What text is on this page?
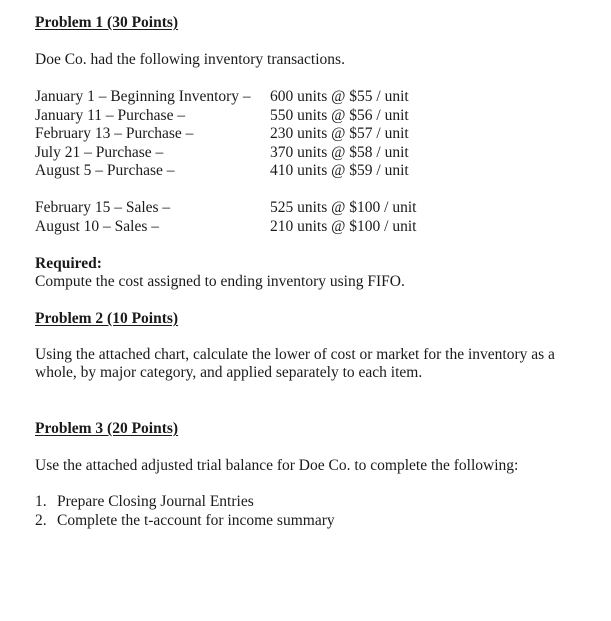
Problem 1 (30 Points)
Doe Co. had the following inventory transactions.
January 1 – Beginning Inventory –	600 units @ $55 / unit
January 11 – Purchase –	550 units @ $56 / unit
February 13 – Purchase –	230 units @ $57 / unit
July 21 – Purchase –	370 units @ $58 / unit
August 5 – Purchase –	410 units @ $59 / unit
February 15 – Sales –	525 units @ $100 / unit
August 10 – Sales –	210 units @ $100 / unit
Required:
Compute the cost assigned to ending inventory using FIFO.
Problem 2 (10 Points)
Using the attached chart, calculate the lower of cost or market for the inventory as a whole, by major category, and applied separately to each item.
Problem 3 (20 Points)
Use the attached adjusted trial balance for Doe Co. to complete the following:
1. Prepare Closing Journal Entries
2. Complete the t-account for income summary
